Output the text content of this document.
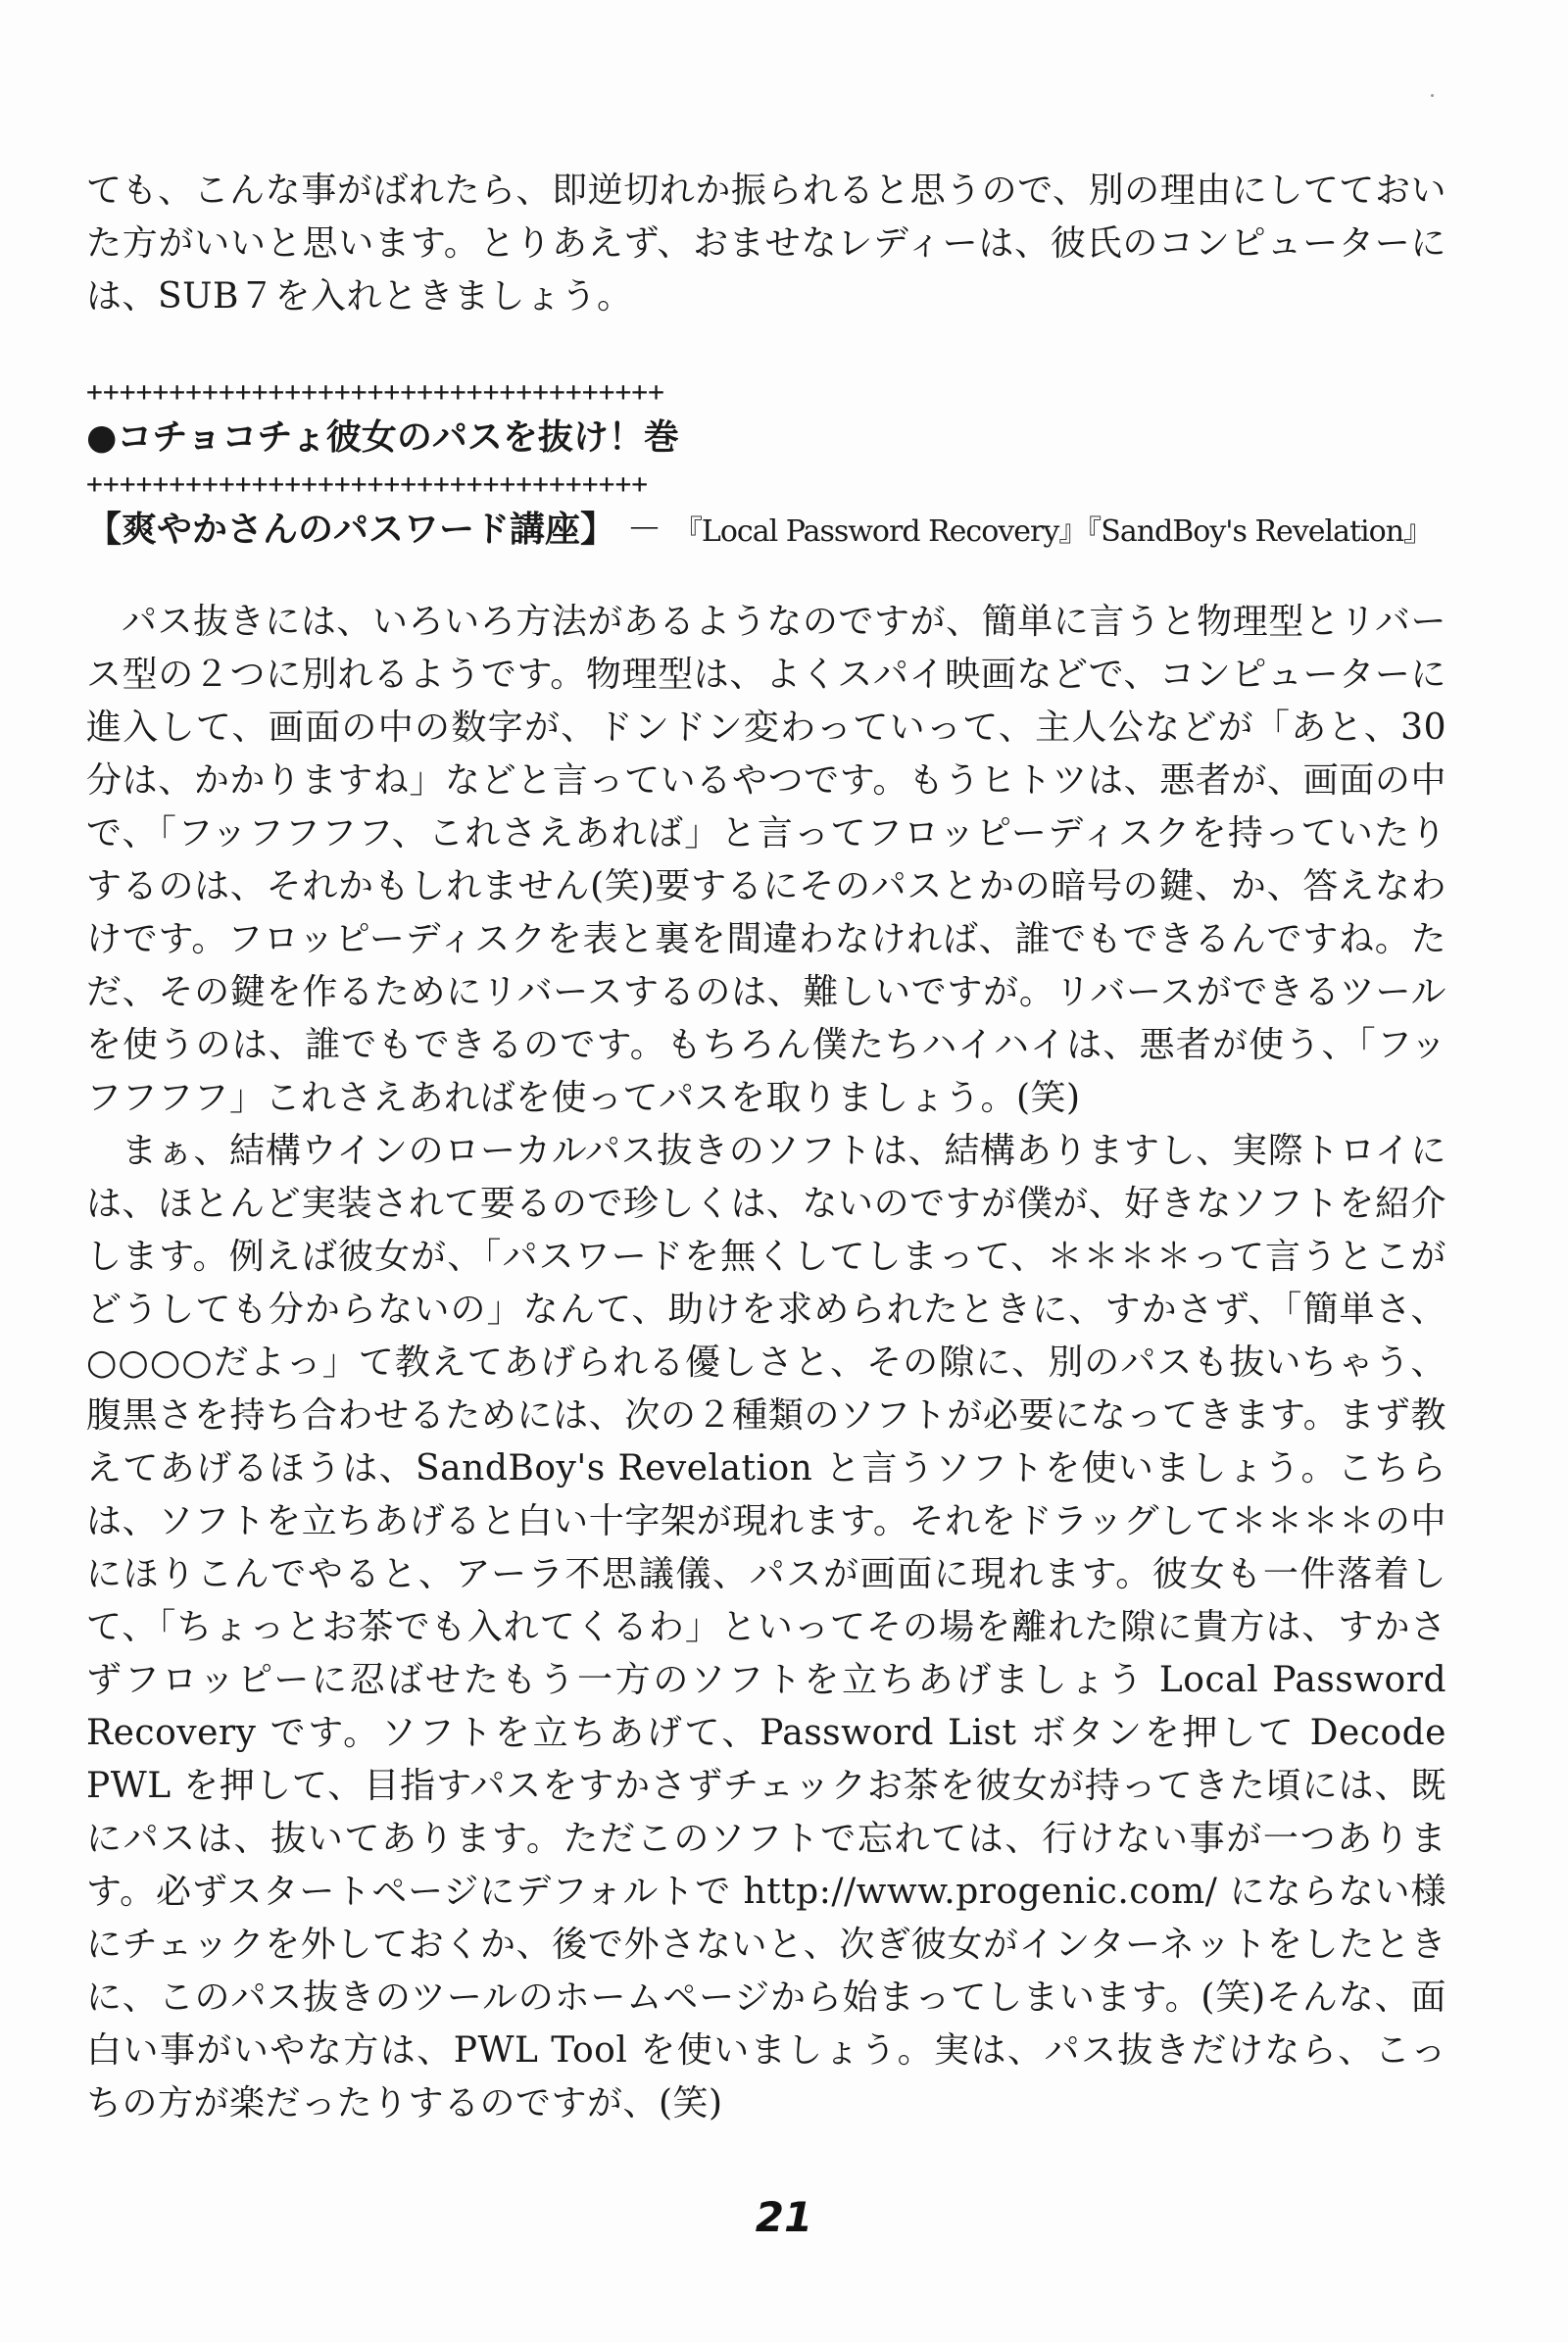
ても、こんな事がばれたら、即逆切れか振られると思うので、別の理由にしてておいた方がいいと思います。とりあえず、おませなレディーは、彼氏のコンピューターには、SUB７を入れときましょう。

+++++++++++++++++++++++++++++++++++

●コチョコチょ彼女のパスを抜け！巻

++++++++++++++++++++++++++++++++++

【爽やかさんのパスワード講座】 － 『Local Password Recovery』『SandBoy's Revelation』

パス抜きには、いろいろ方法があるようなのですが、簡単に言うと物理型とリバース型の２つに別れるようです。物理型は、よくスパイ映画などで、コンピューターに進入して、画面の中の数字が、ドンドン変わっていって、主人公などが「あと、30分は、かかりますね」などと言っているやつです。もうヒトツは、悪者が、画面の中で、「フッフフフフ、これさえあれば」と言ってフロッピーディスクを持っていたりするのは、それかもしれません(笑)要するにそのパスとかの暗号の鍵、か、答えなわけです。フロッピーディスクを表と裏を間違わなければ、誰でもできるんですね。ただ、その鍵を作るためにリバースするのは、難しいですが。リバースができるツールを使うのは、誰でもできるのです。もちろん僕たちハイハイは、悪者が使う、「フッフフフフ」これさえあればを使ってパスを取りましょう。(笑)

まぁ、結構ウインのローカルパス抜きのソフトは、結構ありますし、実際トロイには、ほとんど実装されて要るので珍しくは、ないのですが僕が、好きなソフトを紹介します。例えば彼女が、「パスワードを無くしてしまって、＊＊＊＊って言うとこがどうしても分からないの」なんて、助けを求められたときに、すかさず、「簡単さ、○○○○だよっ」て教えてあげられる優しさと、その隙に、別のパスも抜いちゃう、腹黒さを持ち合わせるためには、次の２種類のソフトが必要になってきます。まず教えてあげるほうは、SandBoy's Revelation と言うソフトを使いましょう。こちらは、ソフトを立ちあげると白い十字架が現れます。それをドラッグして＊＊＊＊の中にほりこんでやると、アーラ不思議儀、パスが画面に現れます。彼女も一件落着して、「ちょっとお茶でも入れてくるわ」といってその場を離れた隙に貴方は、すかさずフロッピーに忍ばせたもう一方のソフトを立ちあげましょう Local Password Recovery です。ソフトを立ちあげて、Password List ボタンを押して Decode PWL を押して、目指すパスをすかさずチェックお茶を彼女が持ってきた頃には、既にパスは、抜いてあります。ただこのソフトで忘れては、行けない事が一つあります。必ずスタートページにデフォルトで http://www.progenic.com/ にならない様にチェックを外しておくか、後で外さないと、次ぎ彼女がインターネットをしたときに、このパス抜きのツールのホームページから始まってしまいます。(笑)そんな、面白い事がいやな方は、PWL Tool を使いましょう。実は、パス抜きだけなら、こっちの方が楽だったりするのですが、(笑)

21
